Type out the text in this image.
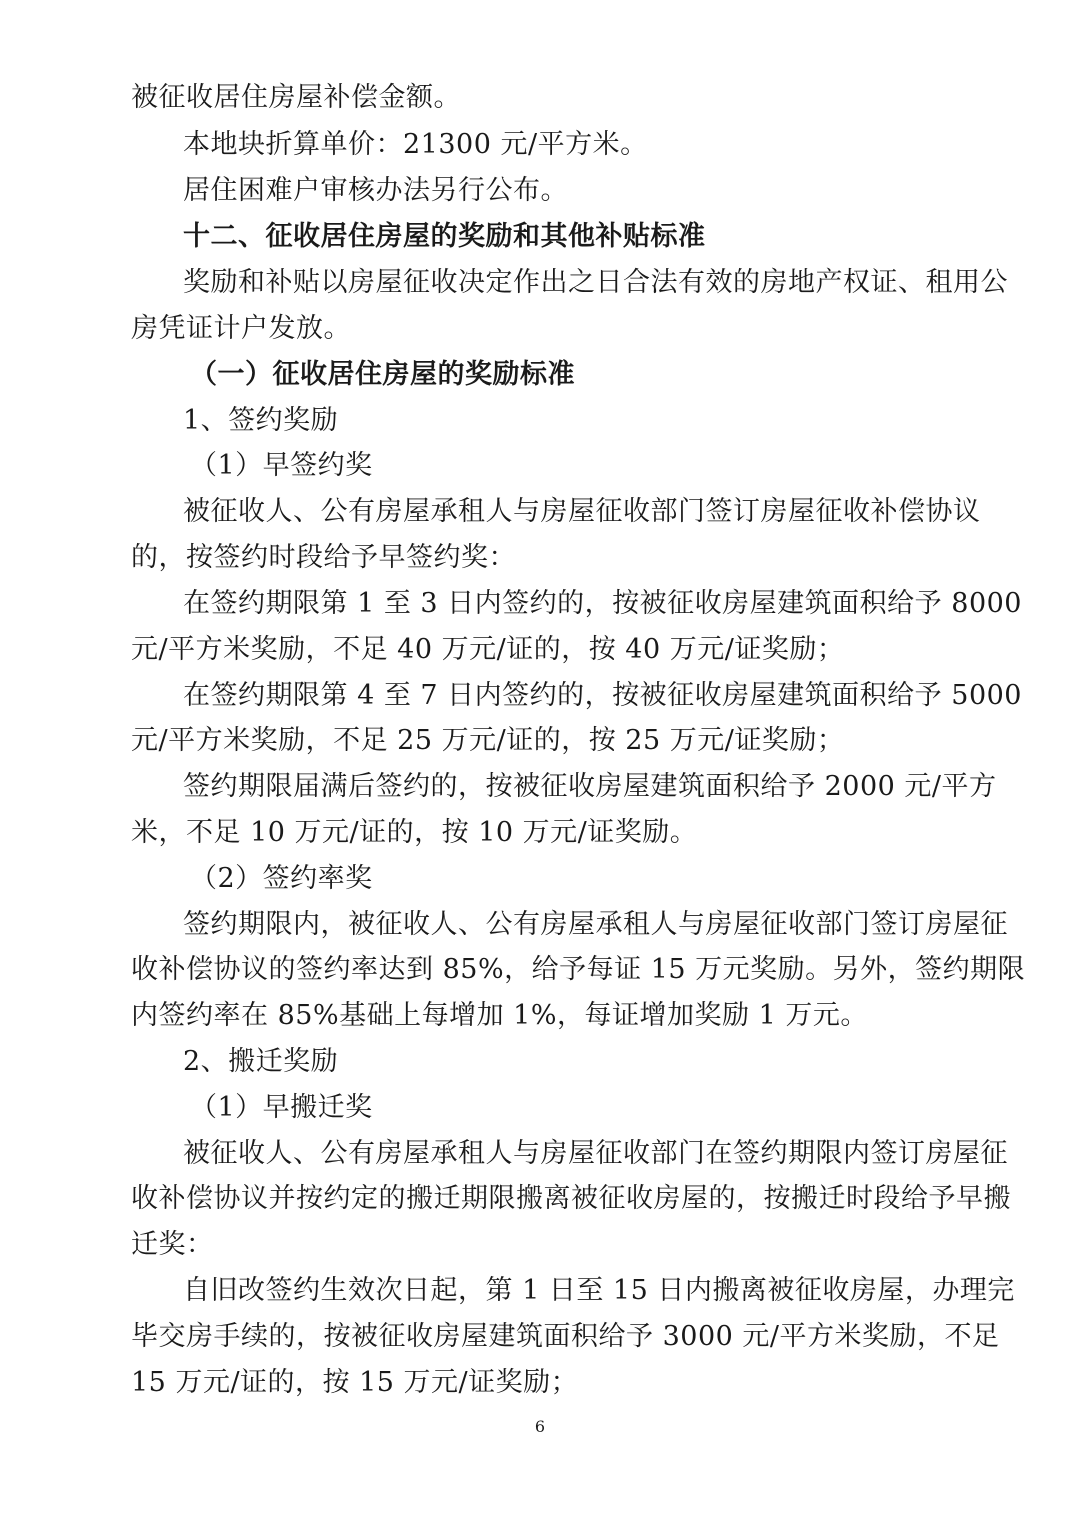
被征收居住房屋补偿金额。
本地块折算单价：21300 元/平方米。
居住困难户审核办法另行公布。
十二、征收居住房屋的奖励和其他补贴标准
奖励和补贴以房屋征收决定作出之日合法有效的房地产权证、租用公
房凭证计户发放。
（一）征收居住房屋的奖励标准
1、签约奖励
（1）早签约奖
被征收人、公有房屋承租人与房屋征收部门签订房屋征收补偿协议
的，按签约时段给予早签约奖：
在签约期限第 1 至 3 日内签约的，按被征收房屋建筑面积给予 8000
元/平方米奖励，不足 40 万元/证的，按 40 万元/证奖励；
在签约期限第 4 至 7 日内签约的，按被征收房屋建筑面积给予 5000
元/平方米奖励，不足 25 万元/证的，按 25 万元/证奖励；
签约期限届满后签约的，按被征收房屋建筑面积给予 2000 元/平方
米，不足 10 万元/证的，按 10 万元/证奖励。
（2）签约率奖
签约期限内，被征收人、公有房屋承租人与房屋征收部门签订房屋征
收补偿协议的签约率达到 85%，给予每证 15 万元奖励。另外，签约期限
内签约率在 85%基础上每增加 1%，每证增加奖励 1 万元。
2、搬迁奖励
（1）早搬迁奖
被征收人、公有房屋承租人与房屋征收部门在签约期限内签订房屋征
收补偿协议并按约定的搬迁期限搬离被征收房屋的，按搬迁时段给予早搬
迁奖：
自旧改签约生效次日起，第 1 日至 15 日内搬离被征收房屋，办理完
毕交房手续的，按被征收房屋建筑面积给予 3000 元/平方米奖励，不足
15 万元/证的，按 15 万元/证奖励；
6
